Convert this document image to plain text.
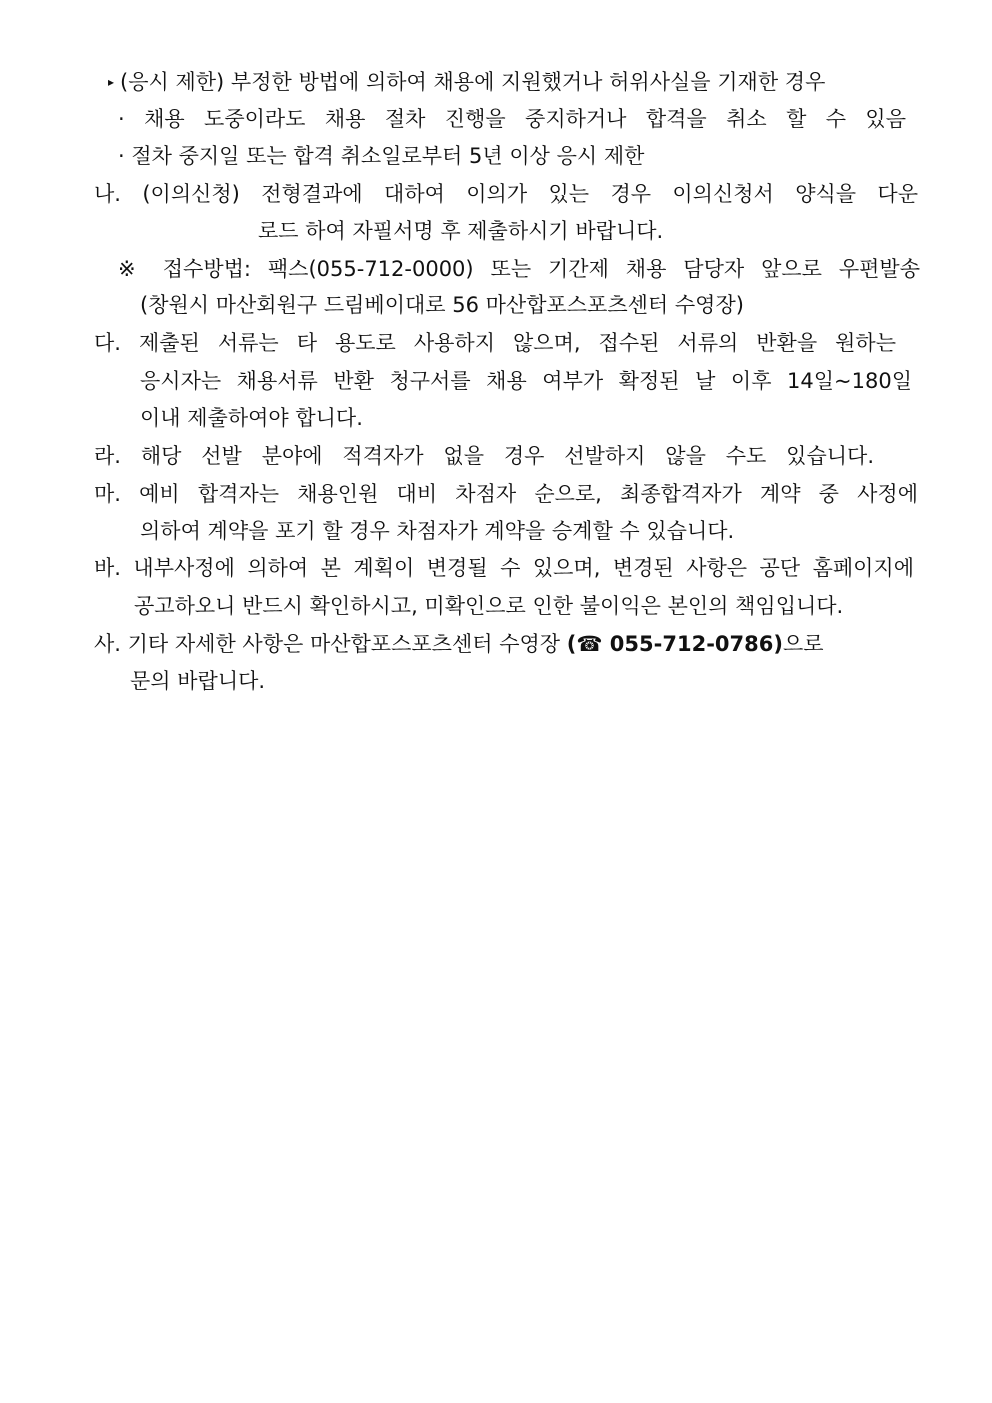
▸ (응시 제한) 부정한 방법에 의하여 채용에 지원했거나 허위사실을 기재한 경우
· 채용 도중이라도 채용 절차 진행을 중지하거나 합격을 취소 할 수 있음
· 절차 중지일 또는 합격 취소일로부터 5년 이상 응시 제한
나. (이의신청) 전형결과에 대하여 이의가 있는 경우 이의신청서 양식을 다운
로드 하여 자필서명 후 제출하시기 바랍니다.
※ 접수방법: 팩스(055-712-0000) 또는 기간제 채용 담당자 앞으로 우편발송
(창원시 마산회원구 드림베이대로 56 마산합포스포츠센터 수영장)
다. 제출된 서류는 타 용도로 사용하지 않으며, 접수된 서류의 반환을 원하는
응시자는 채용서류 반환 청구서를 채용 여부가 확정된 날 이후 14일~180일
이내 제출하여야 합니다.
라. 해당 선발 분야에 적격자가 없을 경우 선발하지 않을 수도 있습니다.
마. 예비 합격자는 채용인원 대비 차점자 순으로, 최종합격자가 계약 중 사정에
의하여 계약을 포기 할 경우 차점자가 계약을 승계할 수 있습니다.
바. 내부사정에 의하여 본 계획이 변경될 수 있으며, 변경된 사항은 공단 홈페이지에
공고하오니 반드시 확인하시고, 미확인으로 인한 불이익은 본인의 책임입니다.
사. 기타 자세한 사항은 마산합포스포츠센터 수영장 (☎ 055-712-0786)으로
문의 바랍니다.
